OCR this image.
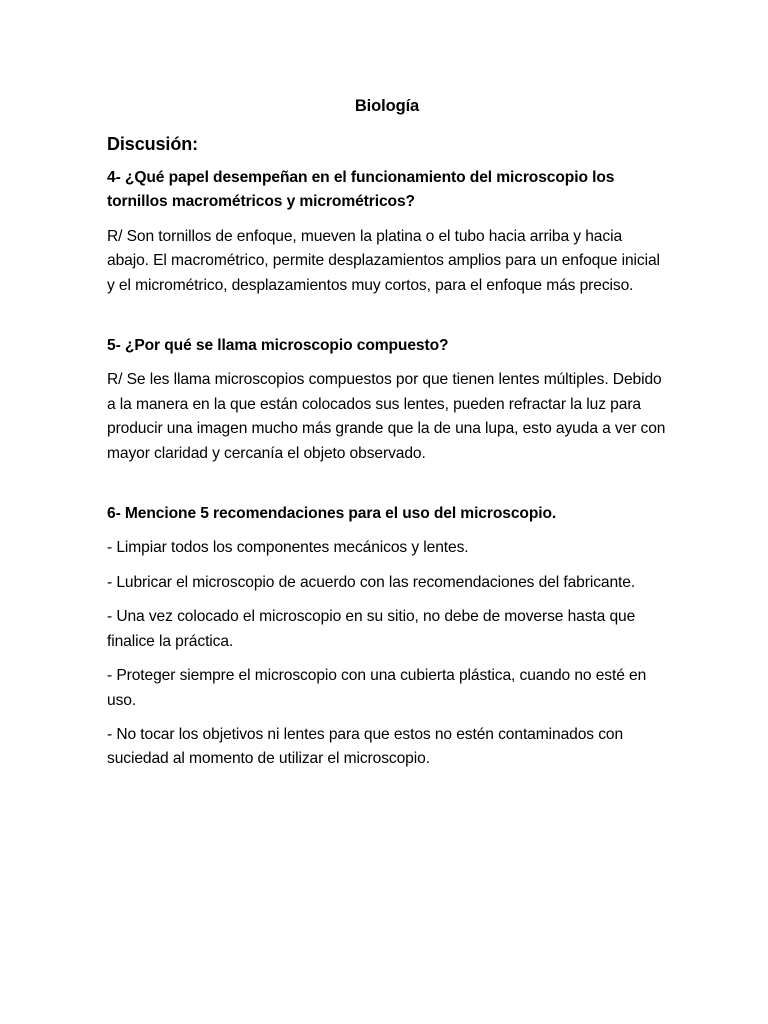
Biología
Discusión:
4- ¿Qué papel desempeñan en el funcionamiento del microscopio los tornillos macrométricos y micrométricos?

R/ Son tornillos de enfoque, mueven la platina o el tubo hacia arriba y hacia abajo. El macrométrico, permite desplazamientos amplios para un enfoque inicial y el micrométrico, desplazamientos muy cortos, para el enfoque más preciso.

5- ¿Por qué se llama microscopio compuesto?

R/ Se les llama microscopios compuestos por que tienen lentes múltiples. Debido a la manera en la que están colocados sus lentes, pueden refractar la luz para producir una imagen mucho más grande que la de una lupa, esto ayuda a ver con mayor claridad y cercanía el objeto observado.

6- Mencione 5 recomendaciones para el uso del microscopio.

- Limpiar todos los componentes mecánicos y lentes.

- Lubricar el microscopio de acuerdo con las recomendaciones del fabricante.

- Una vez colocado el microscopio en su sitio, no debe de moverse hasta que finalice la práctica.

- Proteger siempre el microscopio con una cubierta plástica, cuando no esté en uso.

- No tocar los objetivos ni lentes para que estos no estén contaminados con suciedad al momento de utilizar el microscopio.
